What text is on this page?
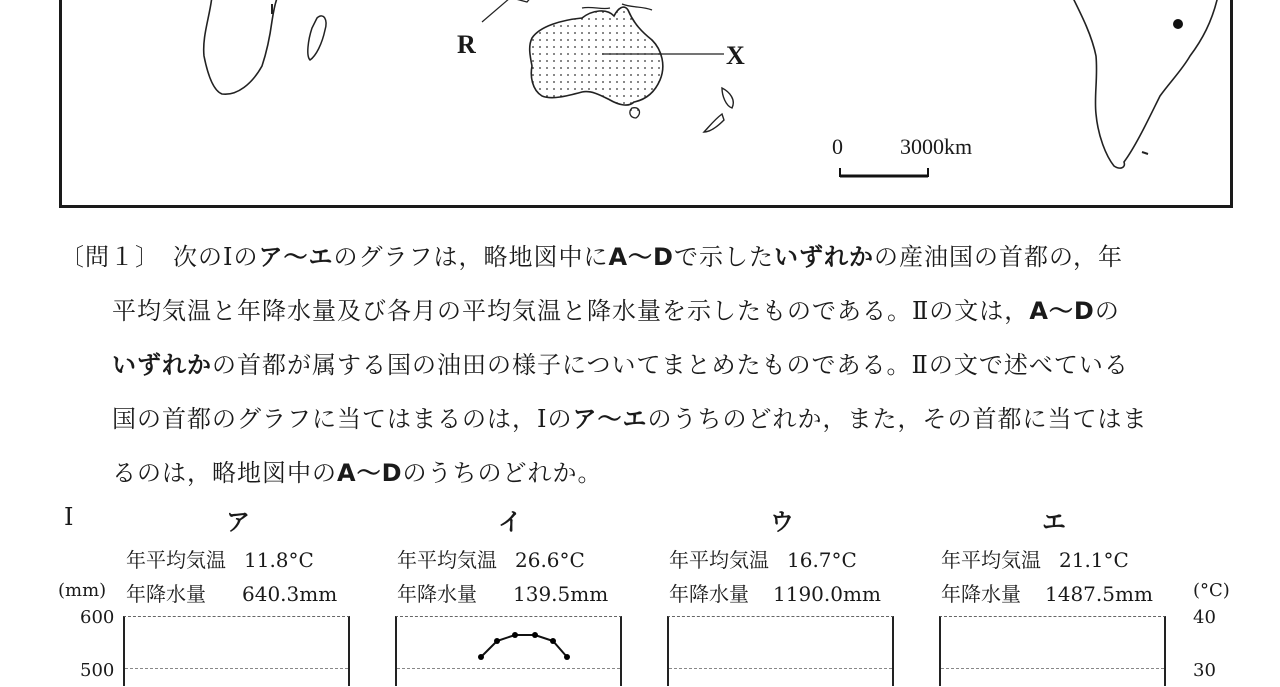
R	X
0	3000km
〔問１〕　次のⅠのア～エのグラフは，略地図中にA～Dで示したいずれかの産油国の首都の，年
平均気温と年降水量及び各月の平均気温と降水量を示したものである。Ⅱの文は，A～Dの
いずれかの首都が属する国の油田の様子についてまとめたものである。Ⅱの文で述べている
国の首都のグラフに当てはまるのは，Ⅰのア～エのうちのどれか，また，その首都に当てはま
るのは，略地図中のA～Dのうちのどれか。
Ⅰ
(mm)
600
500
(°C)
40
30
ア
年平均気温 11.8°C
年降水量 640.3mm
イ
年平均気温 26.6°C
年降水量 139.5mm
ウ
年平均気温 16.7°C
年降水量 1190.0mm
エ
年平均気温 21.1°C
年降水量 1487.5mm
